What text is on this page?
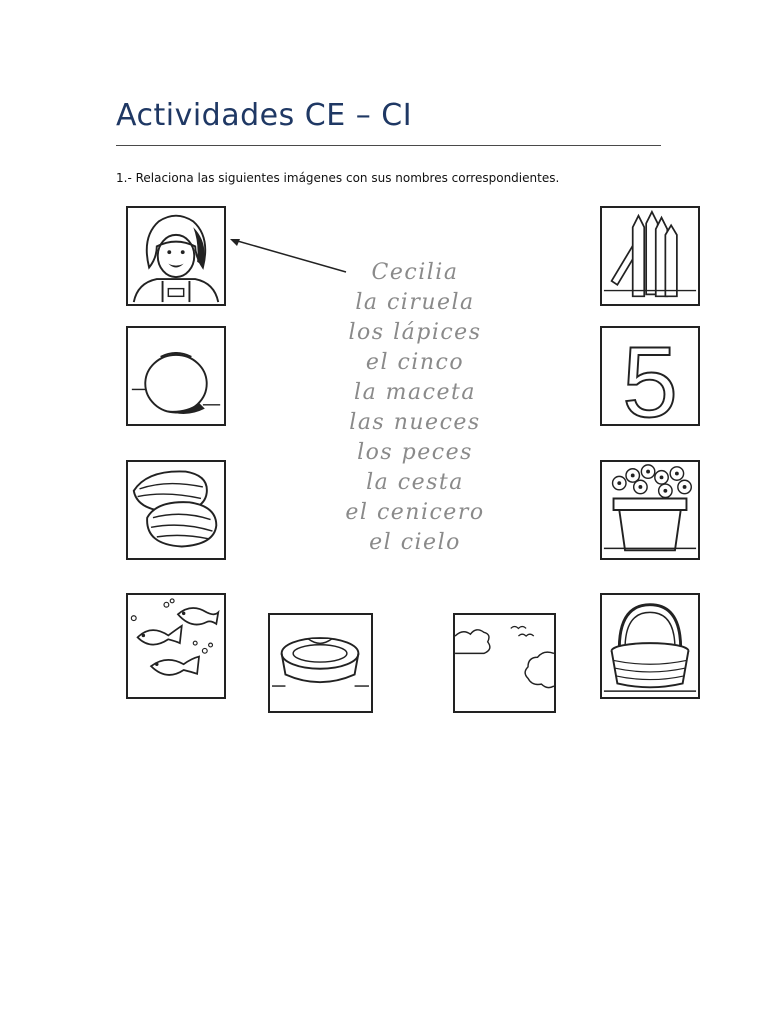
Actividades CE – CI
1.- Relaciona las siguientes imágenes con sus nombres correspondientes.
Cecilia
la ciruela
los lápices
el cinco
la maceta
las nueces
los peces
la cesta
el cenicero
el cielo
5
